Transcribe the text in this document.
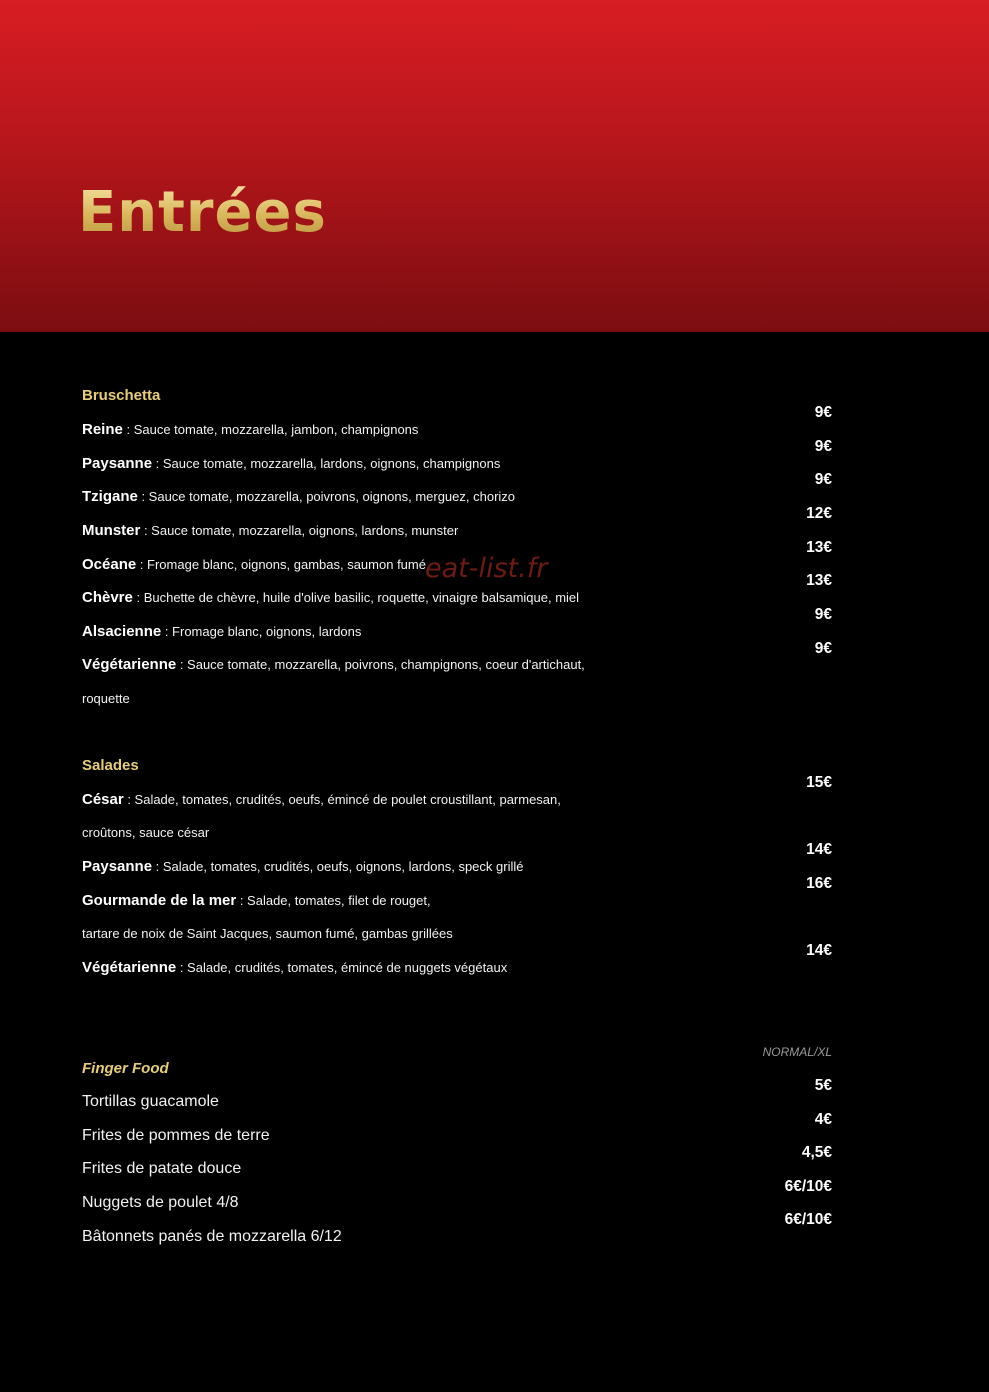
Entrées
Bruschetta
Reine : Sauce tomate, mozzarella, jambon, champignons
Paysanne : Sauce tomate, mozzarella, lardons, oignons, champignons
Tzigane : Sauce tomate, mozzarella, poivrons, oignons, merguez, chorizo
Munster : Sauce tomate, mozzarella, oignons, lardons, munster
Océane : Fromage blanc, oignons, gambas, saumon fumé
Chèvre : Buchette de chèvre, huile d'olive basilic, roquette, vinaigre balsamique, miel
Alsacienne : Fromage blanc, oignons, lardons
Végétarienne : Sauce tomate, mozzarella, poivrons, champignons, coeur d'artichaut,
roquette
9€
9€
9€
12€
13€
13€
9€
9€
eat-list.fr
Salades
César : Salade, tomates, crudités, oeufs, émincé de poulet croustillant, parmesan,
croûtons, sauce césar
Paysanne : Salade, tomates, crudités, oeufs, oignons, lardons, speck grillé
Gourmande de la mer : Salade, tomates, filet de rouget,
tartare de noix de Saint Jacques, saumon fumé, gambas grillées
Végétarienne : Salade, crudités, tomates, émincé de nuggets végétaux
15€
14€
16€
14€
NORMAL/XL
Finger Food
Tortillas guacamole
Frites de pommes de terre
Frites de patate douce
Nuggets de poulet 4/8
Bâtonnets panés de mozzarella 6/12
5€
4€
4,5€
6€/10€
6€/10€
